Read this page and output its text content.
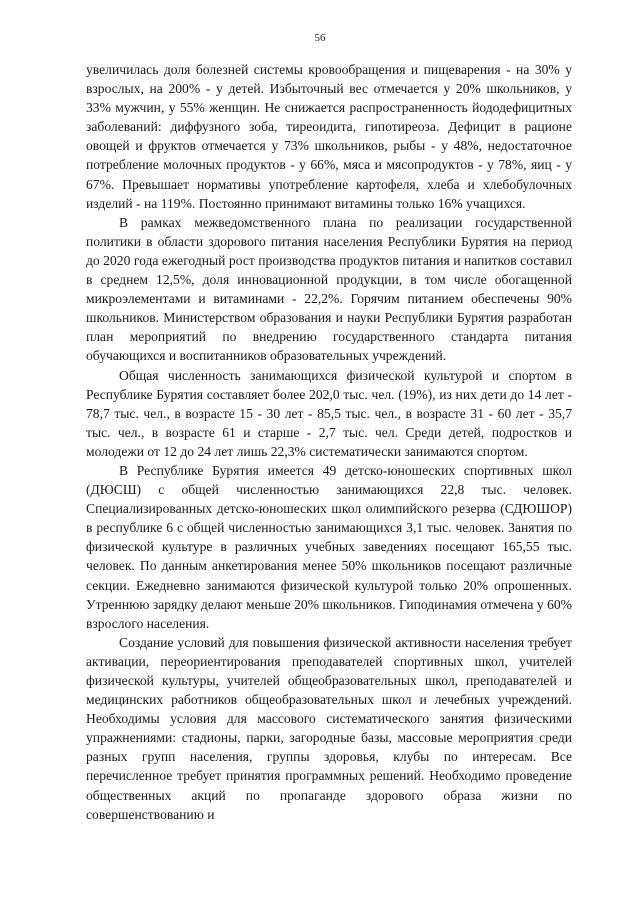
56

увеличилась доля болезней системы кровообращения и пищеварения - на 30% у взрослых, на 200% - у детей. Избыточный вес отмечается у 20% школьников, у 33% мужчин, у 55% женщин. Не снижается распространенность йододефицитных заболеваний: диффузного зоба, тиреоидита, гипотиреоза. Дефицит в рационе овощей и фруктов отмечается у 73% школьников, рыбы - у 48%, недостаточное потребление молочных продуктов - у 66%, мяса и мясопродуктов - у 78%, яиц - у 67%. Превышает нормативы употребление картофеля, хлеба и хлебобулочных изделий - на 119%. Постоянно принимают витамины только 16% учащихся.

В рамках межведомственного плана по реализации государственной политики в области здорового питания населения Республики Бурятия на период до 2020 года ежегодный рост производства продуктов питания и напитков составил в среднем 12,5%, доля инновационной продукции, в том числе обогащенной микроэлементами и витаминами - 22,2%. Горячим питанием обеспечены 90% школьников. Министерством образования и науки Республики Бурятия разработан план мероприятий по внедрению государственного стандарта питания обучающихся и воспитанников образовательных учреждений.

Общая численность занимающихся физической культурой и спортом в Республике Бурятия составляет более 202,0 тыс. чел. (19%), из них дети до 14 лет - 78,7 тыс. чел., в возрасте 15 - 30 лет - 85,5 тыс. чел., в возрасте 31 - 60 лет - 35,7 тыс. чел., в возрасте 61 и старше - 2,7 тыс. чел. Среди детей, подростков и молодежи от 12 до 24 лет лишь 22,3% систематически занимаются спортом.

В Республике Бурятия имеется 49 детско-юношеских спортивных школ (ДЮСШ) с общей численностью занимающихся 22,8 тыс. человек. Специализированных детско-юношеских школ олимпийского резерва (СДЮШОР) в республике 6 с общей численностью занимающихся 3,1 тыс. человек. Занятия по физической культуре в различных учебных заведениях посещают 165,55 тыс. человек. По данным анкетирования менее 50% школьников посещают различные секции. Ежедневно занимаются физической культурой только 20% опрошенных. Утреннюю зарядку делают меньше 20% школьников. Гиподинамия отмечена у 60% взрослого населения.

Создание условий для повышения физической активности населения требует активации, переориентирования преподавателей спортивных школ, учителей физической культуры, учителей общеобразовательных школ, преподавателей и медицинских работников общеобразовательных школ и лечебных учреждений. Необходимы условия для массового систематического занятия физическими упражнениями: стадионы, парки, загородные базы, массовые мероприятия среди разных групп населения, группы здоровья, клубы по интересам. Все перечисленное требует принятия программных решений. Необходимо проведение общественных акций по пропаганде здорового образа жизни по совершенствованию и
